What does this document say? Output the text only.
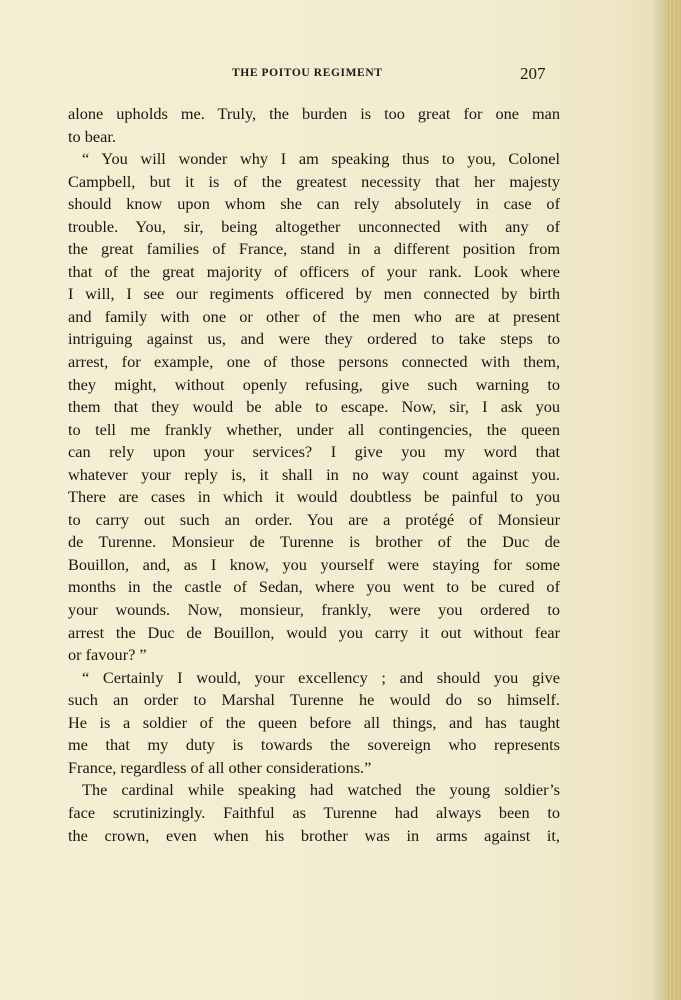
THE POITOU REGIMENT	207
alone upholds me. Truly, the burden is too great for one man
to bear.
“ You will wonder why I am speaking thus to you, Colonel
Campbell, but it is of the greatest necessity that her majesty
should know upon whom she can rely absolutely in case of
trouble. You, sir, being altogether unconnected with any of
the great families of France, stand in a different position from
that of the great majority of officers of your rank. Look where
I will, I see our regiments officered by men connected by birth
and family with one or other of the men who are at present
intriguing against us, and were they ordered to take steps to
arrest, for example, one of those persons connected with them,
they might, without openly refusing, give such warning to
them that they would be able to escape. Now, sir, I ask you
to tell me frankly whether, under all contingencies, the queen
can rely upon your services? I give you my word that
whatever your reply is, it shall in no way count against you.
There are cases in which it would doubtless be painful to you
to carry out such an order. You are a protégé of Monsieur
de Turenne. Monsieur de Turenne is brother of the Duc de
Bouillon, and, as I know, you yourself were staying for some
months in the castle of Sedan, where you went to be cured of
your wounds. Now, monsieur, frankly, were you ordered to
arrest the Duc de Bouillon, would you carry it out without fear
or favour? ”
“ Certainly I would, your excellency ; and should you give
such an order to Marshal Turenne he would do so himself.
He is a soldier of the queen before all things, and has taught
me that my duty is towards the sovereign who represents
France, regardless of all other considerations.”
The cardinal while speaking had watched the young soldier’s
face scrutinizingly. Faithful as Turenne had always been to
the crown, even when his brother was in arms against it,
